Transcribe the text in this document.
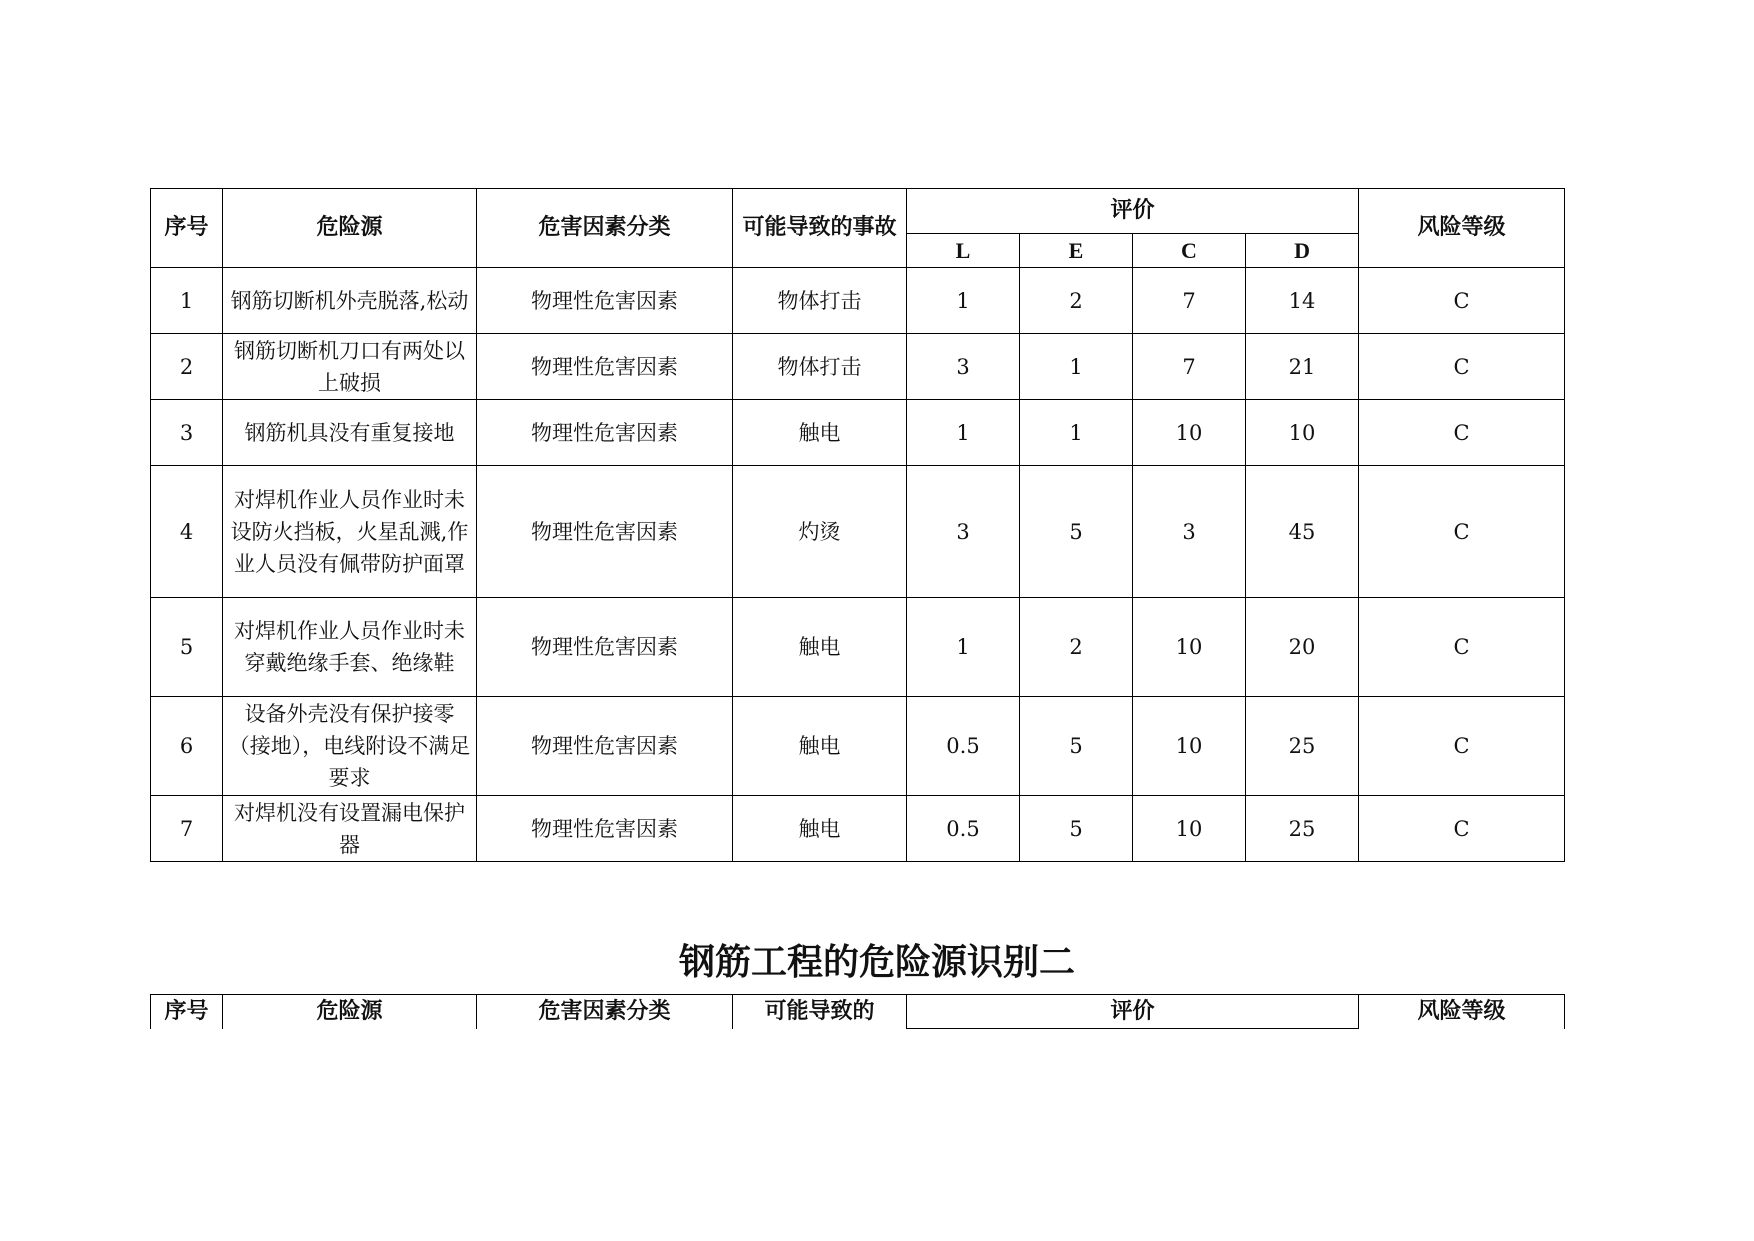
序号	危险源	危害因素分类	可能导致的事故	评价				风险等级
				L	E	C	D	
1	钢筋切断机外壳脱落,松动	物理性危害因素	物体打击	1	2	7	14	C
2	钢筋切断机刀口有两处以上破损	物理性危害因素	物体打击	3	1	7	21	C
3	钢筋机具没有重复接地	物理性危害因素	触电	1	1	10	10	C
4	对焊机作业人员作业时未设防火挡板，火星乱溅,作业人员没有佩带防护面罩	物理性危害因素	灼烫	3	5	3	45	C
5	对焊机作业人员作业时未穿戴绝缘手套、绝缘鞋	物理性危害因素	触电	1	2	10	20	C
6	设备外壳没有保护接零（接地），电线附设不满足要求	物理性危害因素	触电	0.5	5	10	25	C
7	对焊机没有设置漏电保护器	物理性危害因素	触电	0.5	5	10	25	C
钢筋工程的危险源识别二
序号	危险源	危害因素分类	可能导致的	评价	风险等级
